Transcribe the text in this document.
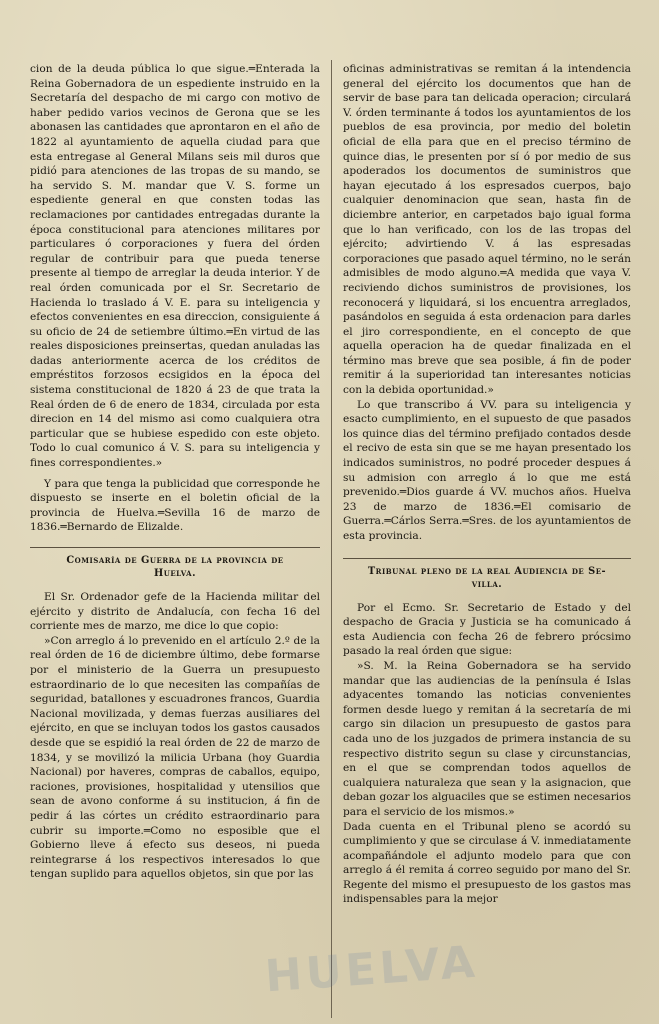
cion de la deuda pública lo que sigue.═Enterada la Reina Gobernadora de un espediente instruido en la Secretaría del despacho de mi cargo con motivo de haber pedido varios vecinos de Gerona que se les abonasen las cantidades que aprontaron en el año de 1822 al ayuntamiento de aquella ciudad para que esta entregase al General Milans seis mil duros que pidió para atenciones de las tropas de su mando, se ha servido S. M. mandar que V. S. forme un espediente general en que consten todas las reclamaciones por cantidades entregadas durante la época constitucional para atenciones militares por particulares ó corporaciones y fuera del órden regular de contribuir para que pueda tenerse presente al tiempo de arreglar la deuda interior. Y de real órden comunicada por el Sr. Secretario de Hacienda lo traslado á V. E. para su inteligencia y efectos convenientes en esa direccion, consiguiente á su oficio de 24 de setiembre último.═En virtud de las reales disposiciones preinsertas, quedan anuladas las dadas anteriormente acerca de los créditos de empréstitos forzosos ecsigidos en la época del sistema constitucional de 1820 á 23 de que trata la Real órden de 6 de enero de 1834, circulada por esta direcion en 14 del mismo asi como cualquiera otra particular que se hubiese espedido con este objeto. Todo lo cual comunico á V. S. para su inteligencia y fines correspondientes.»

Y para que tenga la publicidad que corresponde he dispuesto se inserte en el boletin oficial de la provincia de Huelva.═Sevilla 16 de marzo de 1836.═Bernardo de Elizalde.

Comisaría de Guerra de la provincia de
Huelva.

El Sr. Ordenador gefe de la Hacienda militar del ejército y distrito de Andalucía, con fecha 16 del corriente mes de marzo, me dice lo que copio:

»Con arreglo á lo prevenido en el artículo 2.º de la real órden de 16 de diciembre último, debe formarse por el ministerio de la Guerra un presupuesto estraordinario de lo que necesiten las compañías de seguridad, batallones y escuadrones francos, Guardia Nacional movilizada, y demas fuerzas ausiliares del ejército, en que se incluyan todos los gastos causados desde que se espidió la real órden de 22 de marzo de 1834, y se movilizó la milicia Urbana (hoy Guardia Nacional) por haveres, compras de caballos, equipo, raciones, provisiones, hospitalidad y utensilios que sean de avono conforme á su institucion, á fin de pedir á las córtes un crédito estraordinario para cubrir su importe.═Como no esposible que el Gobierno lleve á efecto sus deseos, ni pueda reintegrarse á los respectivos interesados lo que tengan suplido para aquellos objetos, sin que por las

oficinas administrativas se remitan á la intendencia general del ejército los documentos que han de servir de base para tan delicada operacion; circulará V. órden terminante á todos los ayuntamientos de los pueblos de esa provincia, por medio del boletin oficial de ella para que en el preciso término de quince dias, le presenten por sí ó por medio de sus apoderados los documentos de suministros que hayan ejecutado á los espresados cuerpos, bajo cualquier denominacion que sean, hasta fin de diciembre anterior, en carpetados bajo igual forma que lo han verificado, con los de las tropas del ejército; advirtiendo V. á las espresadas corporaciones que pasado aquel término, no le serán admisibles de modo alguno.═A medida que vaya V. reciviendo dichos suministros de provisiones, los reconocerá y liquidará, si los encuentra arreglados, pasándolos en seguida á esta ordenacion para darles el jiro correspondiente, en el concepto de que aquella operacion ha de quedar finalizada en el término mas breve que sea posible, á fin de poder remitir á la superioridad tan interesantes noticias con la debida oportunidad.»

Lo que transcribo á VV. para su inteligencia y esacto cumplimiento, en el supuesto de que pasados los quince dias del término prefijado contados desde el recivo de esta sin que se me hayan presentado los indicados suministros, no podré proceder despues á su admision con arreglo á lo que me está prevenido.═Dios guarde á VV. muchos años. Huelva 23 de marzo de 1836.═El comisario de Guerra.═Cárlos Serra.═Sres. de los ayuntamientos de esta provincia.

Tribunal pleno de la real Audiencia de Se-
villa.

Por el Ecmo. Sr. Secretario de Estado y del despacho de Gracia y Justicia se ha comunicado á esta Audiencia con fecha 26 de febrero prócsimo pasado la real órden que sigue:

»S. M. la Reina Gobernadora se ha servido mandar que las audiencias de la península é Islas adyacentes tomando las noticias convenientes formen desde luego y remitan á la secretaría de mi cargo sin dilacion un presupuesto de gastos para cada uno de los juzgados de primera instancia de su respectivo distrito segun su clase y circunstancias, en el que se comprendan todos aquellos de cualquiera naturaleza que sean y la asignacion, que deban gozar los alguaciles que se estimen necesarios para el servicio de los mismos.»

Dada cuenta en el Tribunal pleno se acordó su cumplimiento y que se circulase á V. inmediatamente acompañándole el adjunto modelo para que con arreglo á él remita á correo seguido por mano del Sr. Regente del mismo el presupuesto de los gastos mas indispensables para la mejor

HUELVA
